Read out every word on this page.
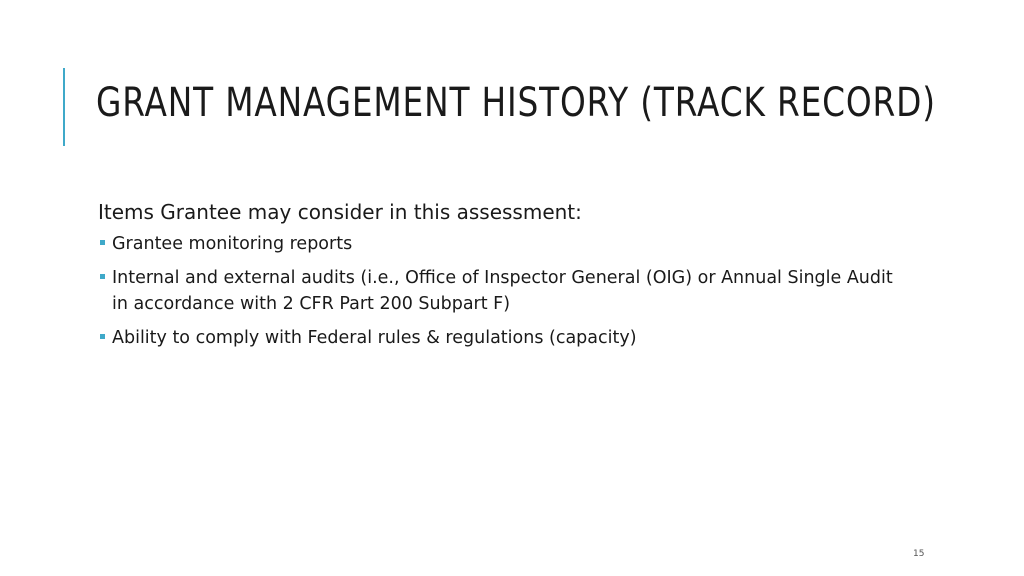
GRANT MANAGEMENT HISTORY (TRACK RECORD)

Items Grantee may consider in this assessment:

Grantee monitoring reports
Internal and external audits (i.e., Office of Inspector General (OIG) or Annual Single Audit in accordance with 2 CFR Part 200 Subpart F)
Ability to comply with Federal rules & regulations (capacity)
15
